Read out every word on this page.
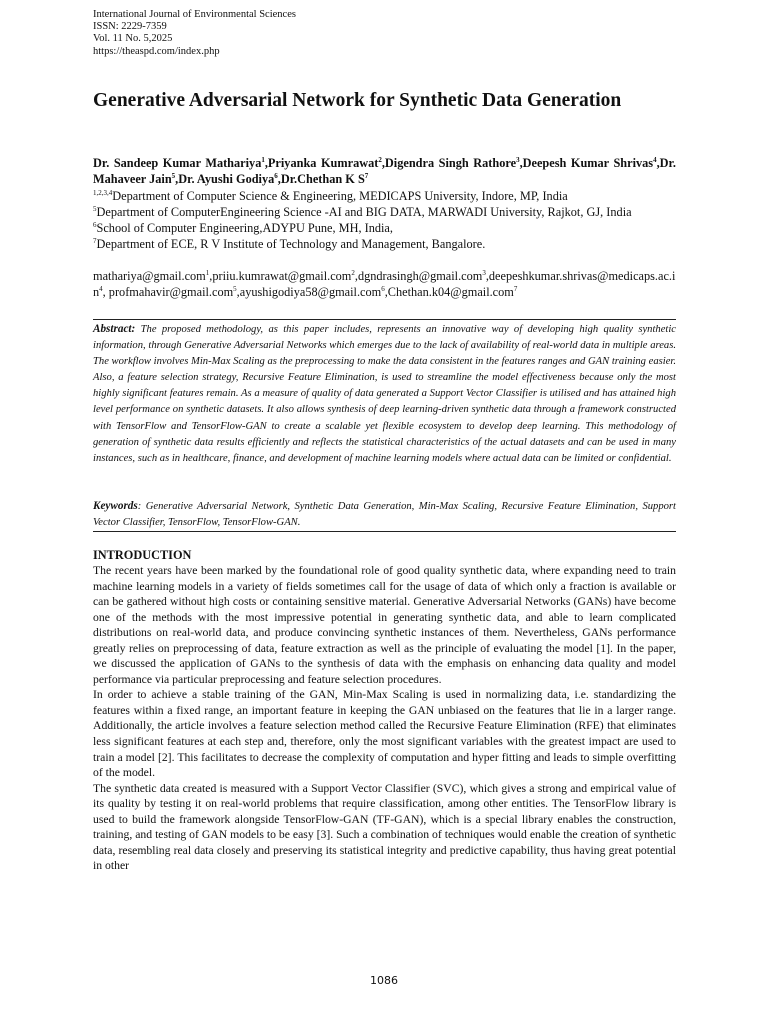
International Journal of Environmental Sciences
ISSN: 2229-7359
Vol. 11 No. 5,2025
https://theaspd.com/index.php
Generative Adversarial Network for Synthetic Data Generation
Dr. Sandeep Kumar Mathariya$^1$,Priyanka Kumrawat$^2$,Digendra Singh Rathore$^3$,Deepesh Kumar Shrivas$^4$,Dr. Mahaveer Jain$^5$,Dr. Ayushi Godiya$^6$,Dr.Chethan K $S^7$
$^{1,2,3,4}$Department of Computer Science & Engineering, MEDICAPS University, Indore, MP, India
$^5$Department of ComputerEngineering Science -AI and BIG DATA, MARWADI University, Rajkot, GJ, India
$^6$School of Computer Engineering,ADYPU Pune, MH, India,
$^7$Department of ECE, R V Institute of Technology and Management, Bangalore.
$mathariya@gmail.com^1,priiu.kumrawat@gmail.com^2,dgndrasingh@gmail.com^3,deepeshkumar.shrivas@medicaps.ac.in^4$, profmahavir@gmail.com$^5$,ayushigodiya58@gmail.com$^6$,Chethan.k04@gmail.com$^7$
Abstract: The proposed methodology, as this paper includes, represents an innovative way of developing high quality synthetic information, through Generative Adversarial Networks which emerges due to the lack of availability of real-world data in multiple areas. The workflow involves Min-Max Scaling as the preprocessing to make the data consistent in the features ranges and GAN training easier. Also, a feature selection strategy, Recursive Feature Elimination, is used to streamline the model effectiveness because only the most highly significant features remain. As a measure of quality of data generated a Support Vector Classifier is utilised and has attained high level performance on synthetic datasets. It also allows synthesis of deep learning-driven synthetic data through a framework constructed with TensorFlow and TensorFlow-GAN to create a scalable yet flexible ecosystem to develop deep learning. This methodology of generation of synthetic data results efficiently and reflects the statistical characteristics of the actual datasets and can be used in many instances, such as in healthcare, finance, and development of machine learning models where actual data can be limited or confidential.
Keywords: Generative Adversarial Network, Synthetic Data Generation, Min-Max Scaling, Recursive Feature Elimination, Support Vector Classifier, TensorFlow, TensorFlow-GAN.
INTRODUCTION

The recent years have been marked by the foundational role of good quality synthetic data, where expanding need to train machine learning models in a variety of fields sometimes call for the usage of data of which only a fraction is available or can be gathered without high costs or containing sensitive material. Generative Adversarial Networks (GANs) have become one of the methods with the most impressive potential in generating synthetic data, and able to learn complicated distributions on real-world data, and produce convincing synthetic instances of them. Nevertheless, GANs performance greatly relies on preprocessing of data, feature extraction as well as the principle of evaluating the model [1]. In the paper, we discussed the application of GANs to the synthesis of data with the emphasis on enhancing data quality and model performance via particular preprocessing and feature selection procedures.

In order to achieve a stable training of the GAN, Min-Max Scaling is used in normalizing data, i.e. standardizing the features within a fixed range, an important feature in keeping the GAN unbiased on the features that lie in a larger range. Additionally, the article involves a feature selection method called the Recursive Feature Elimination (RFE) that eliminates less significant features at each step and, therefore, only the most significant variables with the greatest impact are used to train a model [2]. This facilitates to decrease the complexity of computation and hyper fitting and leads to simple overfitting of the model.

The synthetic data created is measured with a Support Vector Classifier (SVC), which gives a strong and empirical value of its quality by testing it on real-world problems that require classification, among other entities. The TensorFlow library is used to build the framework alongside TensorFlow-GAN (TF-GAN), which is a special library enables the construction, training, and testing of GAN models to be easy [3]. Such a combination of techniques would enable the creation of synthetic data, resembling real data closely and preserving its statistical integrity and predictive capability, thus having great potential in other

1086
